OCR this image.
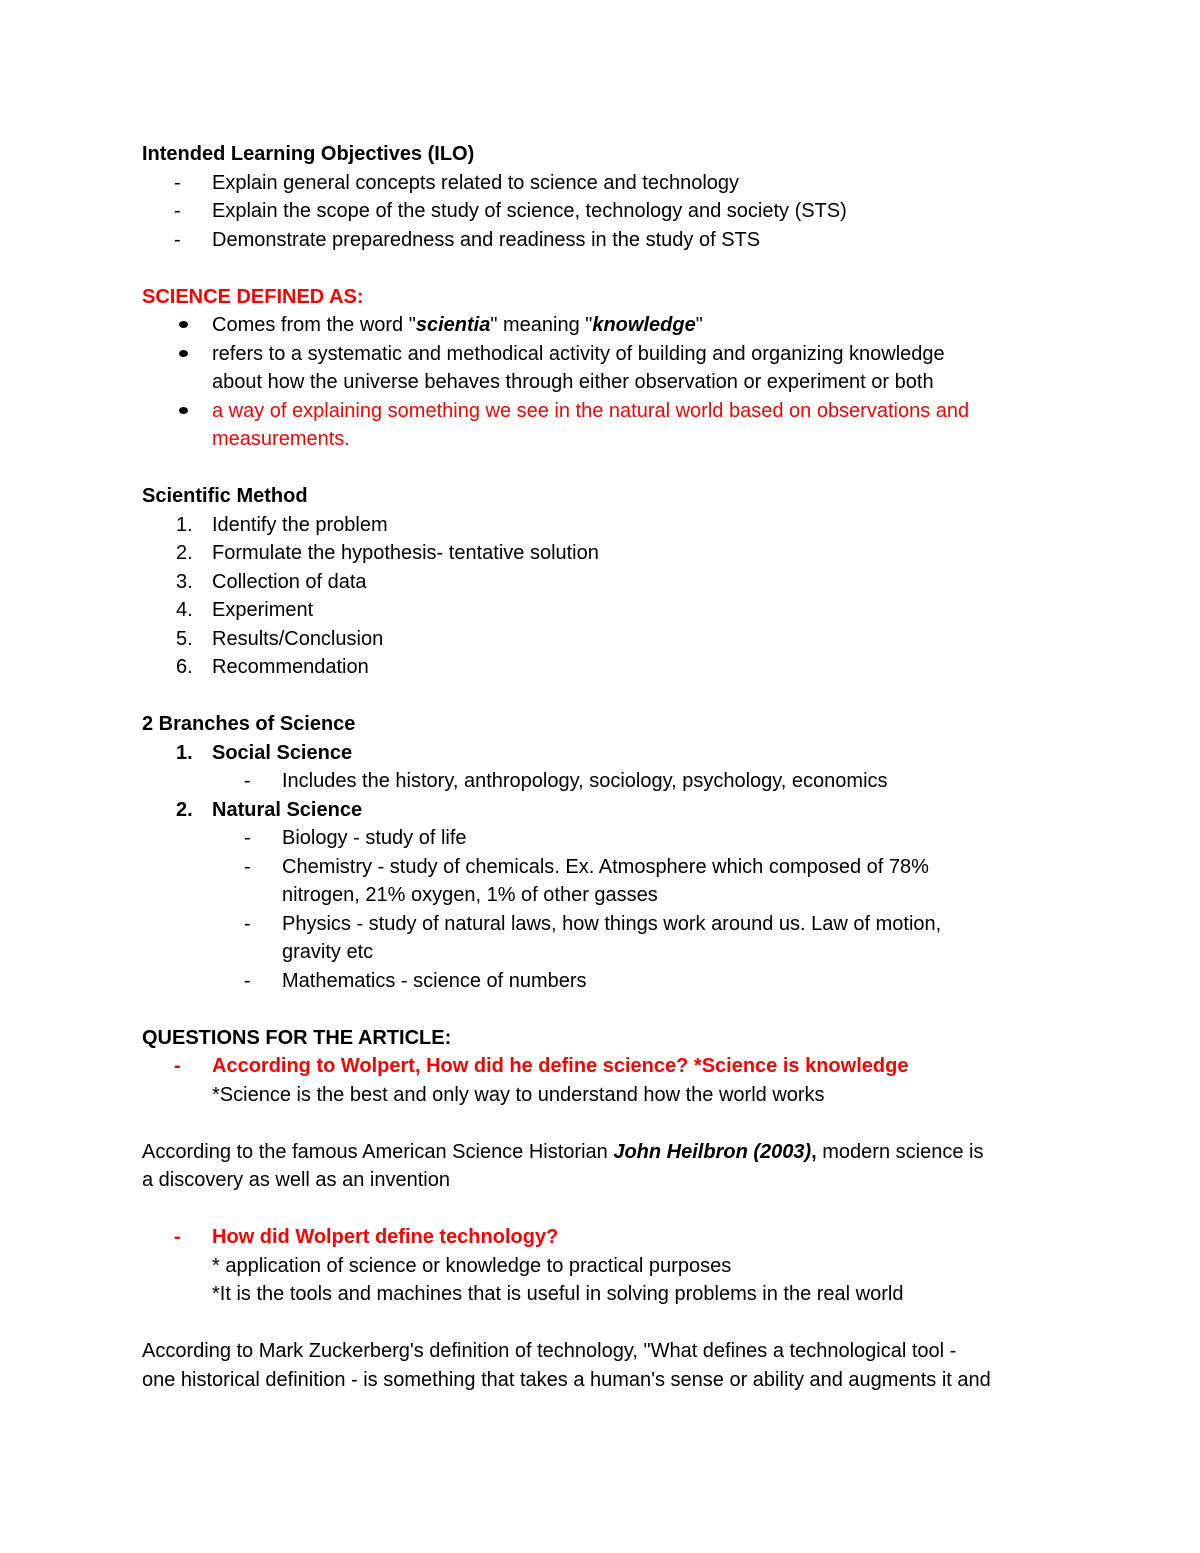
Intended Learning Objectives (ILO)
-	Explain general concepts related to science and technology
-	Explain the scope of the study of science, technology and society (STS)
-	Demonstrate preparedness and readiness in the study of STS
SCIENCE DEFINED AS:
Comes from the word "scientia" meaning "knowledge"
refers to a systematic and methodical activity of building and organizing knowledge
about how the universe behaves through either observation or experiment or both
a way of explaining something we see in the natural world based on observations and
measurements.
Scientific Method
1. Identify the problem
2. Formulate the hypothesis- tentative solution
3. Collection of data
4. Experiment
5. Results/Conclusion
6. Recommendation
2 Branches of Science
1. Social Science
-	Includes the history, anthropology, sociology, psychology, economics
2. Natural Science
-	Biology - study of life
-	Chemistry - study of chemicals. Ex. Atmosphere which composed of 78%
nitrogen, 21% oxygen, 1% of other gasses
-	Physics - study of natural laws, how things work around us. Law of motion,
gravity etc
-	Mathematics - science of numbers
QUESTIONS FOR THE ARTICLE:
-	According to Wolpert, How did he define science? *Science is knowledge
*Science is the best and only way to understand how the world works
According to the famous American Science Historian John Heilbron (2003), modern science is
a discovery as well as an invention
-	How did Wolpert define technology?
* application of science or knowledge to practical purposes
*It is the tools and machines that is useful in solving problems in the real world
According to Mark Zuckerberg's definition of technology, "What defines a technological tool -
one historical definition - is something that takes a human's sense or ability and augments it and
